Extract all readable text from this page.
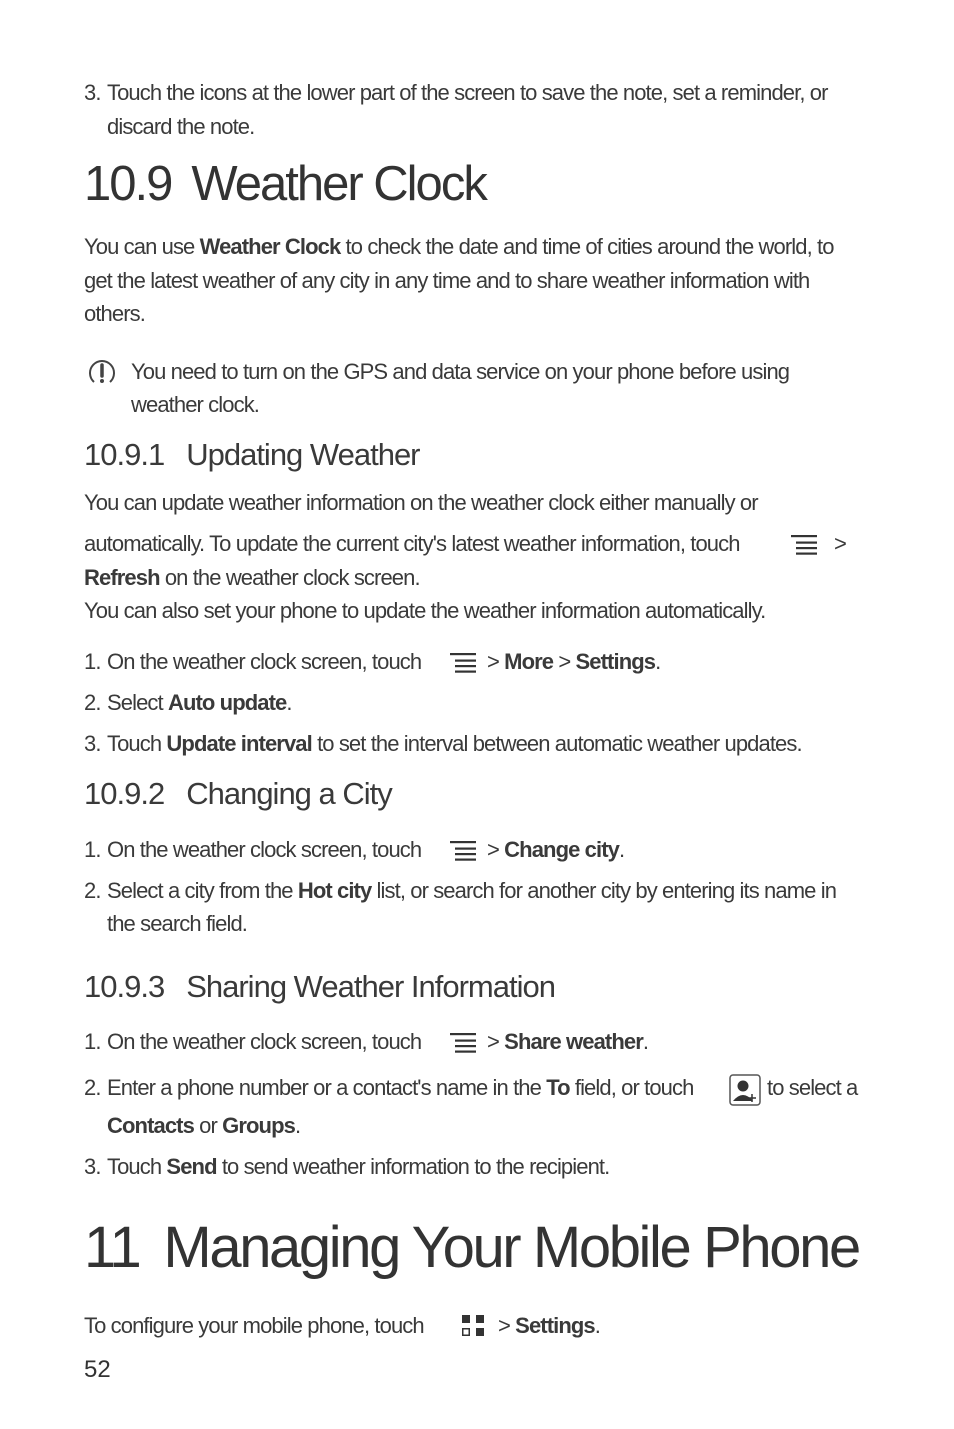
3. Touch the icons at the lower part of the screen to save the note, set a reminder, or
discard the note.
10.9 Weather Clock
You can use Weather Clock to check the date and time of cities around the world, to
get the latest weather of any city in any time and to share weather information with
others.
You need to turn on the GPS and data service on your phone before using
weather clock.
10.9.1 Updating Weather
You can update weather information on the weather clock either manually or
automatically. To update the current city's latest weather information, touch	>
Refresh on the weather clock screen.
You can also set your phone to update the weather information automatically.
1. On the weather clock screen, touch	> More > Settings.
2. Select Auto update.
3. Touch Update interval to set the interval between automatic weather updates.
10.9.2 Changing a City
1. On the weather clock screen, touch	> Change city.
2. Select a city from the Hot city list, or search for another city by entering its name in
the search field.
10.9.3 Sharing Weather Information
1. On the weather clock screen, touch	> Share weather.
2. Enter a phone number or a contact's name in the To field, or touch	to select a
Contacts or Groups.
3. Touch Send to send weather information to the recipient.
11 Managing Your Mobile Phone
To configure your mobile phone, touch	> Settings.
52
